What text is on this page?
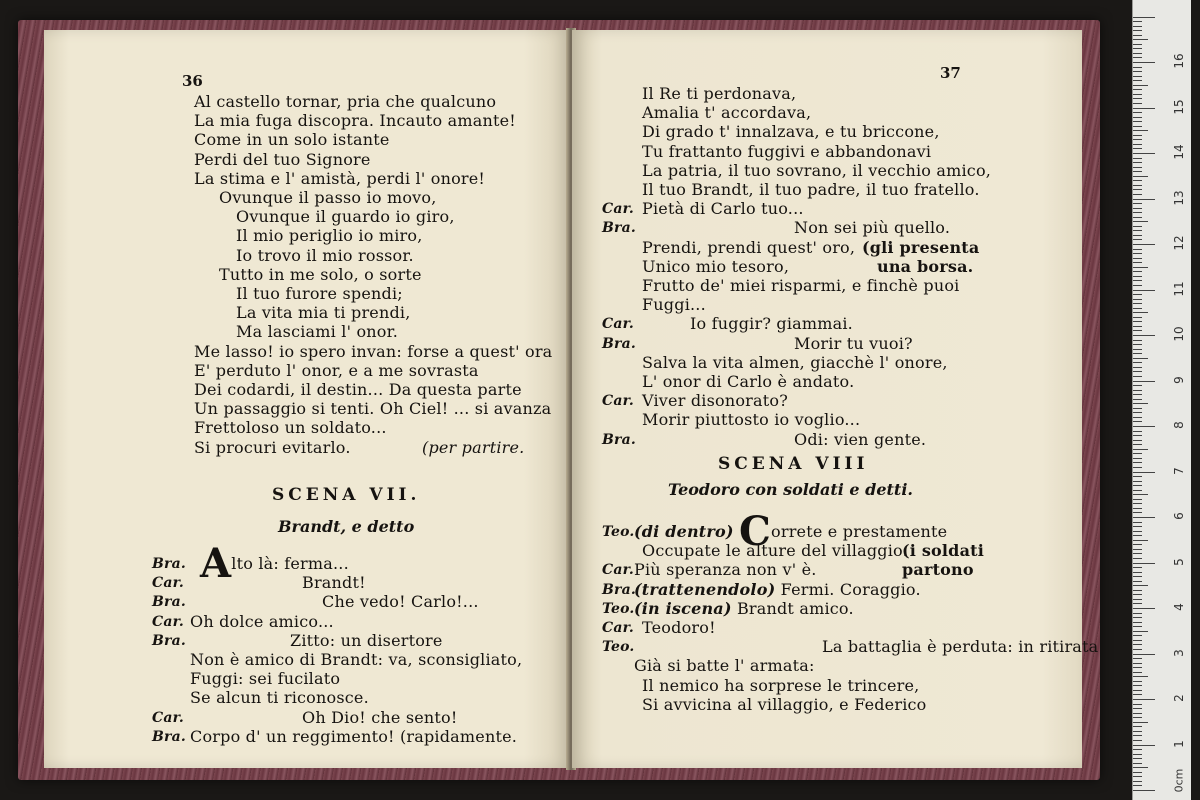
36
Al castello tornar, pria che qualcuno
La mia fuga discopra. Incauto amante!
Come in un solo istante
Perdi del tuo Signore
La stima e l' amistà, perdi l' onore!
Ovunque il passo io movo,
Ovunque il guardo io giro,
Il mio periglio io miro,
Io trovo il mio rossor.
Tutto in me solo, o sorte
Il tuo furore spendi;
La vita mia ti prendi,
Ma lasciami l' onor.
Me lasso! io spero invan: forse a quest' ora
E' perduto l' onor, e a me sovrasta
Dei codardi, il destin... Da questa parte
Un passaggio si tenti. Oh Ciel! ... si avanza
Frettoloso un soldato...
Si procuri evitarlo.	(per partire.
SCENA VII.
Brandt, e detto
Bra. Alto là: ferma...
Car.	Brandt!
Bra.	Che vedo! Carlo!...
Car. Oh dolce amico...
Bra.	Zitto: un disertore
Non è amico di Brandt: va, sconsigliato,
Fuggi: sei fucilato
Se alcun ti riconosce.
Car.	Oh Dio! che sento!
Bra. Corpo d' un reggimento! (rapidamente.
37
Il Re ti perdonava,
Amalia t' accordava,
Di grado t' innalzava, e tu briccone,
Tu frattanto fuggivi e abbandonavi
La patria, il tuo sovrano, il vecchio amico,
Il tuo Brandt, il tuo padre, il tuo fratello.
Car. Pietà di Carlo tuo...
Bra.	Non sei più quello.
Prendi, prendi quest' oro, (gli presenta
Unico mio tesoro,	una borsa.
Frutto de' miei risparmi, e finchè puoi
Fuggi...
Car.	Io fuggir? giammai.
Bra.	Morir tu vuoi?
Salva la vita almen, giacchè l' onore,
L' onor di Carlo è andato.
Car. Viver disonorato?
Morir piuttosto io voglio...
Bra.	Odi: vien gente.
SCENA VIII
Teodoro con soldati e detti.
Teo. (di dentro) Correte e prestamente
Occupate le alture del villaggio.
(i soldati
Car. Più speranza non v' è.	partono
Bra.
(trattenendolo) Fermi. Coraggio.
Teo. (in iscena) Brandt amico.
Car. Teodoro!
Teo.	La battaglia è perduta: in ritirata
Già si batte l' armata:
Il nemico ha sorprese le trincere,
Si avvicina al villaggio, e Federico
1
2
3
4
5
6
7
8
9
10
11
12
13
14
15
16
0cm
